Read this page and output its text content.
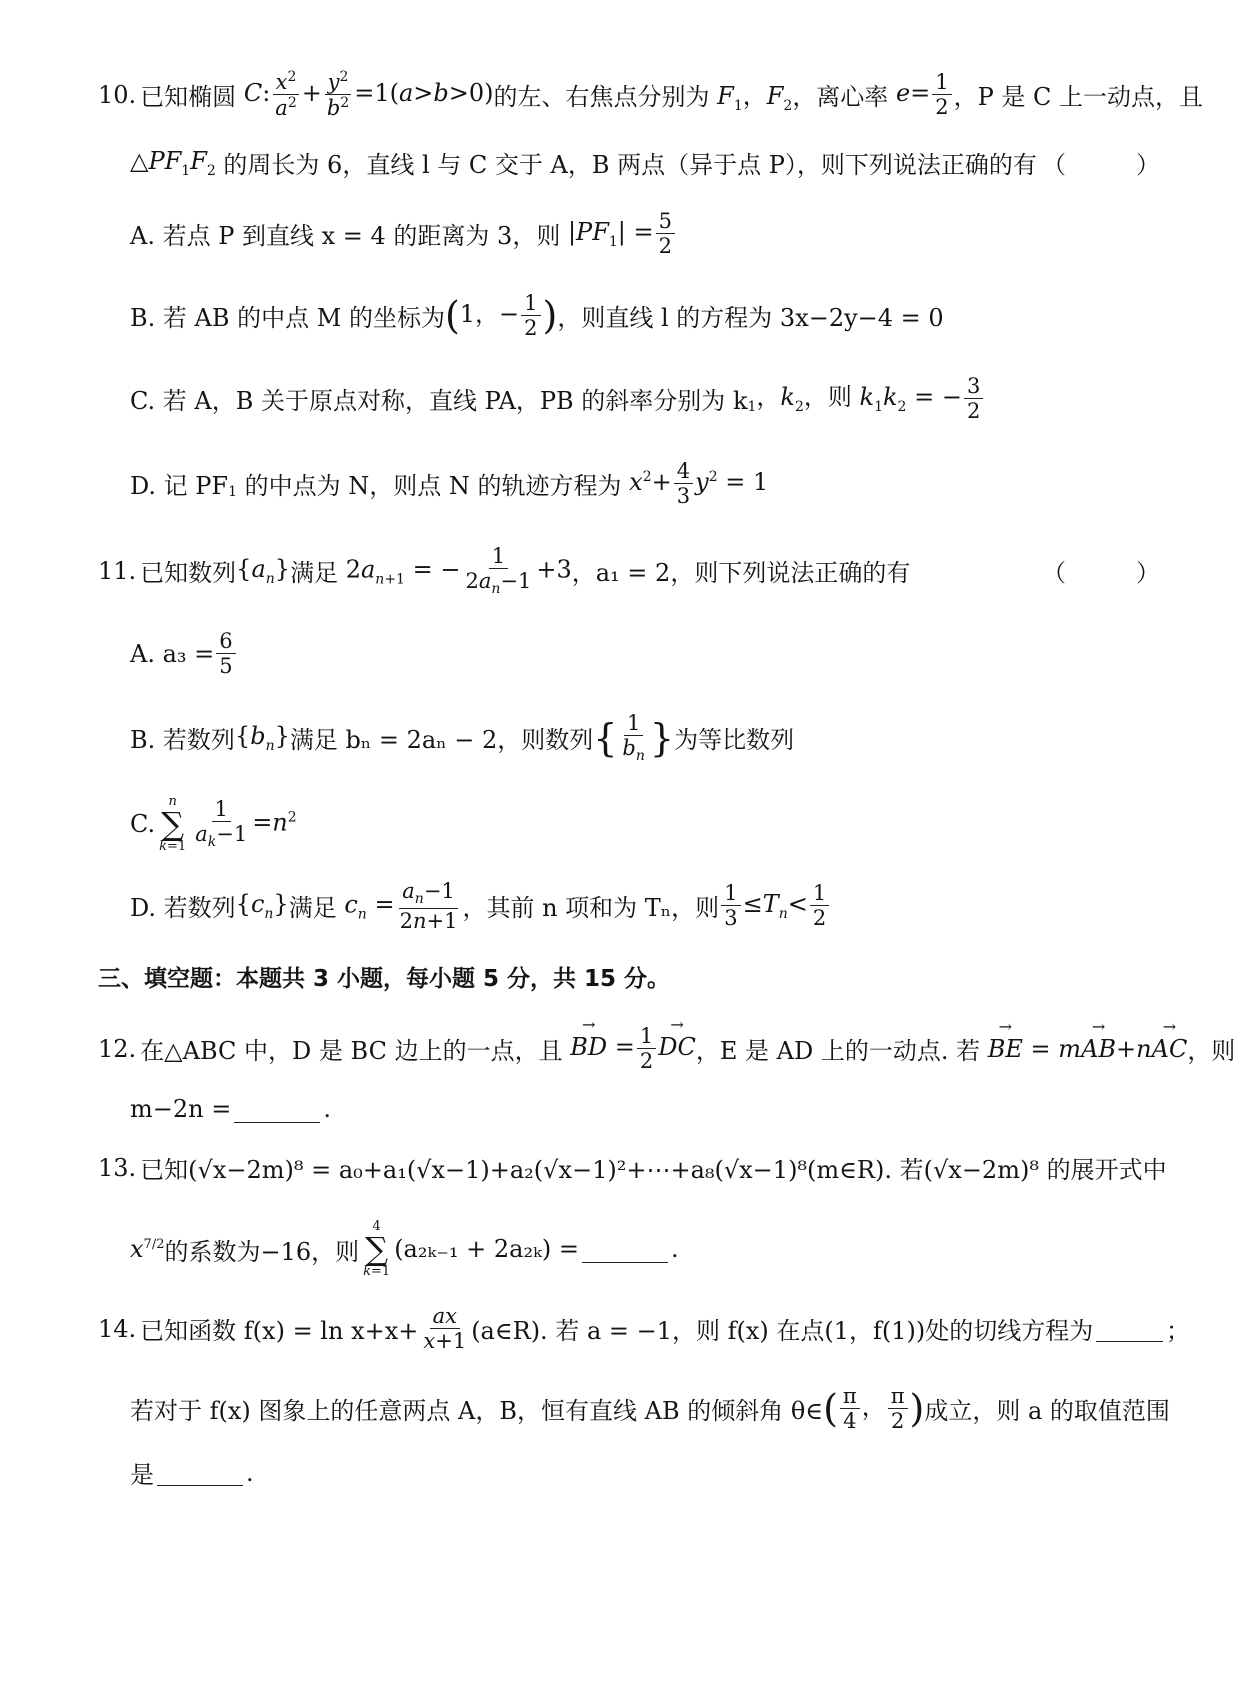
10. 已知椭圆 C: $\frac{x^2}{a^2} + \frac{y^2}{b^2} =1(a>b>0)$ 的左、右焦点分别为 $F_1$，$F_2$ ，离心率 $e= \frac{1}{2}$ ，P 是 C 上一动点，且
$\triangle PF_1F_2$ 的周长为 6，直线 l 与 C 交于 A，B 两点（异于点 P），则下列说法正确的有 （	）
A. 若点 P 到直线 x = 4 的距离为 3，则 $|PF_1| = \frac{5}{2}$
B. 若 AB 的中点 M 的坐标为 (1，− $\frac{1}{2}$ ) ，则直线 l 的方程为 3x−2y−4 = 0
C. 若 A，B 关于原点对称，直线 PA，PB 的斜率分别为 k $_1$，$k_2$，则 $k_1k_2$ = − $\frac{3}{2}$
D. 记 PF $_1$ 的中点为 N，则点 N 的轨迹方程为 $x^2+ \frac{4}{3} y^2 = 1$
11. 已知数列 $\{a_n\}$ 满足 $2a_{n+1}$ = − $\frac{1}{2a_n-1} +3$ ，a₁ = 2，则下列说法正确的有	（	）
A. $a_3 = \frac{6}{5}$
B. 若数列 $\{b_n\}$ 满足 bₙ = 2aₙ − 2，则数列 { $\frac{1}{b_n}$ } 为等比数列
C.
n
∑
$k=1 \frac{1}{a_k-1} =n^2$
D. 若数列 $\{c_n\}$ 满足 $c_n = \frac{a_n-1}{2n+1}$ ，其前 n 项和为 Tₙ，则 $\frac{1}{3} \le T_n< \frac{1}{2}$
三、填空题：本题共 3 小题，每小题 5 分，共 15 分。
12. 在△ABC 中，D 是 BC 边上的一点，且 → BD = $\frac{1}{2}$ → DC ，E 是 AD 上的一动点. 若 → BE = m→ AB+n→ AC ，则
m−2n =	.
13. 已知(√x−2m)⁸ = a₀+a₁(√x−1)+a₂(√x−1)²+⋯+a₈(√x−1)⁸(m∈R). 若(√x−2m)⁸ 的展开式中
$x^{7/2}$ 的系数为−16，则
4
∑
k=1
(a₂ₖ₋₁ + 2a₂ₖ) =	.
14. 已知函数 $f(x) = \ln x+x+ \frac{ax}{x+1}$ (a∈R). 若 a = −1，则 f(x) 在点(1，f(1))处的切线方程为	；
若对于 f(x) 图象上的任意两点 A，B，恒有直线 AB 的倾斜角 θ∈ ( $\frac{\pi}{4}$ ， $\frac{\pi}{2}$ ) 成立，则 a 的取值范围
是	.
